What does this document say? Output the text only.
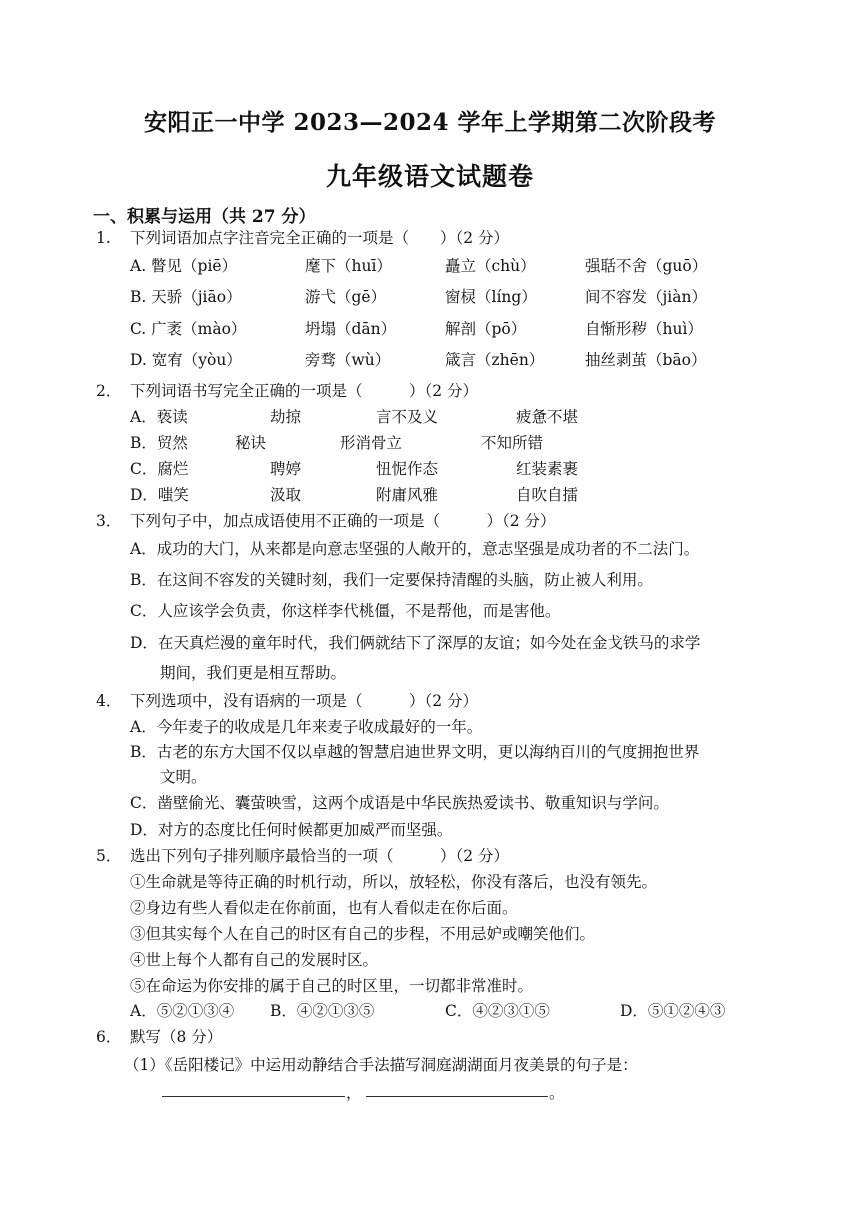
安阳正一中学 2023—2024 学年上学期第二次阶段考
九年级语文试题卷
一、积累与运用（共 27 分）
1. 下列词语加点字注音完全正确的一项是（　　）（2 分）
A. 瞥见（piē）	麾下（huī）	矗立（chù）	强聒不舍（guō）
B. 天骄（jiāo）	游弋（gē）	窗棂（líng）	间不容发（jiàn）
C. 广袤（mào）	坍塌（dān）	解剖（pō）	自惭形秽（huì）
D. 宽宥（yòu）	旁骛（wù）	箴言（zhēn）	抽丝剥茧（bāo）
2． 下列词语书写完全正确的一项是（　　　）（2 分）
A．亵读	劫掠	言不及义	疲惫不堪
B．贸然	秘诀	形消骨立	不知所错
C．腐烂	聘婷	忸怩作态	红装素裹
D．嗤笑	汲取	附庸风雅	自吹自擂
3． 下列句子中，加点成语使用不正确的一项是（　　　）（2 分）
A．成功的大门，从来都是向意志坚强的人敞开的，意志坚强是成功者的不二法门。
B．在这间不容发的关键时刻，我们一定要保持清醒的头脑，防止被人利用。
C．人应该学会负责，你这样李代桃僵，不是帮他，而是害他。
D．在天真烂漫的童年时代，我们俩就结下了深厚的友谊；如今处在金戈铁马的求学
期间，我们更是相互帮助。
4． 下列选项中，没有语病的一项是（　　　）（2 分）
A．今年麦子的收成是几年来麦子收成最好的一年。
B．古老的东方大国不仅以卓越的智慧启迪世界文明，更以海纳百川的气度拥抱世界
文明。
C．凿壁偷光、囊萤映雪，这两个成语是中华民族热爱读书、敬重知识与学问。
D．对方的态度比任何时候都更加威严而坚强。
5． 选出下列句子排列顺序最恰当的一项（　　　）（2 分）
①生命就是等待正确的时机行动，所以，放轻松，你没有落后，也没有领先。
②身边有些人看似走在你前面，也有人看似走在你后面。
③但其实每个人在自己的时区有自己的步程，不用忌妒或嘲笑他们。
④世上每个人都有自己的发展时区。
⑤在命运为你安排的属于自己的时区里，一切都非常准时。
A．⑤②①③④ B．④②①③⑤	C．④②③①⑤	D．⑤①②④③
6． 默写（8 分）
（1）《岳阳楼记》中运用动静结合手法描写洞庭湖湖面月夜美景的句子是：
，	。
